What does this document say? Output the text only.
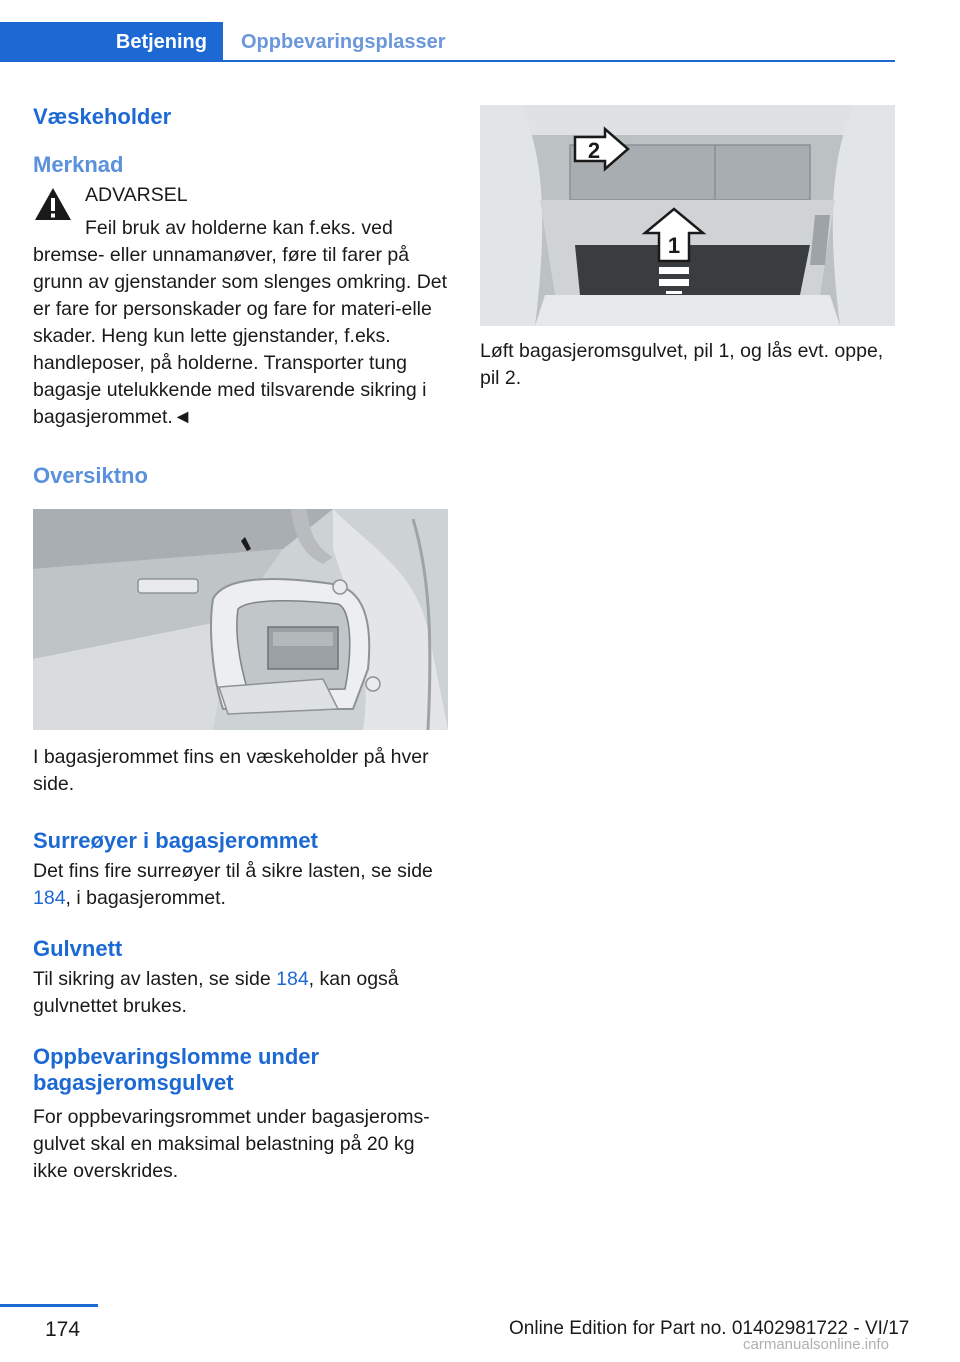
Betjening	Oppbevaringsplasser
Væskeholder
Merknad
ADVARSEL

Feil bruk av holderne kan f.eks. ved

bremse- eller unnamanøver, føre til farer på grunn av gjenstander som slenges omkring. Det er fare for personskader og fare for materi‐elle skader. Heng kun lette gjenstander, f.eks. handleposer, på holderne. Transporter tung bagasje utelukkende med tilsvarende sikring i bagasjerommet.◄

Oversiktno

I bagasjerommet fins en væskeholder på hver side.

Surreøyer i bagasjerommet

Det fins fire surreøyer til å sikre lasten, se side 184, i bagasjerommet.

Gulvnett

Til sikring av lasten, se side 184, kan også gulvnettet brukes.

Oppbevaringslomme under bagasjeromsgulvet

For oppbevaringsrommet under bagasjeroms‐gulvet skal en maksimal belastning på 20 kg ikke overskrides.

2
1

Løft bagasjeromsgulvet, pil 1, og lås evt. oppe, pil 2.

174	Online Edition for Part no. 01402981722 - VI/17
carmanualsonline.info
